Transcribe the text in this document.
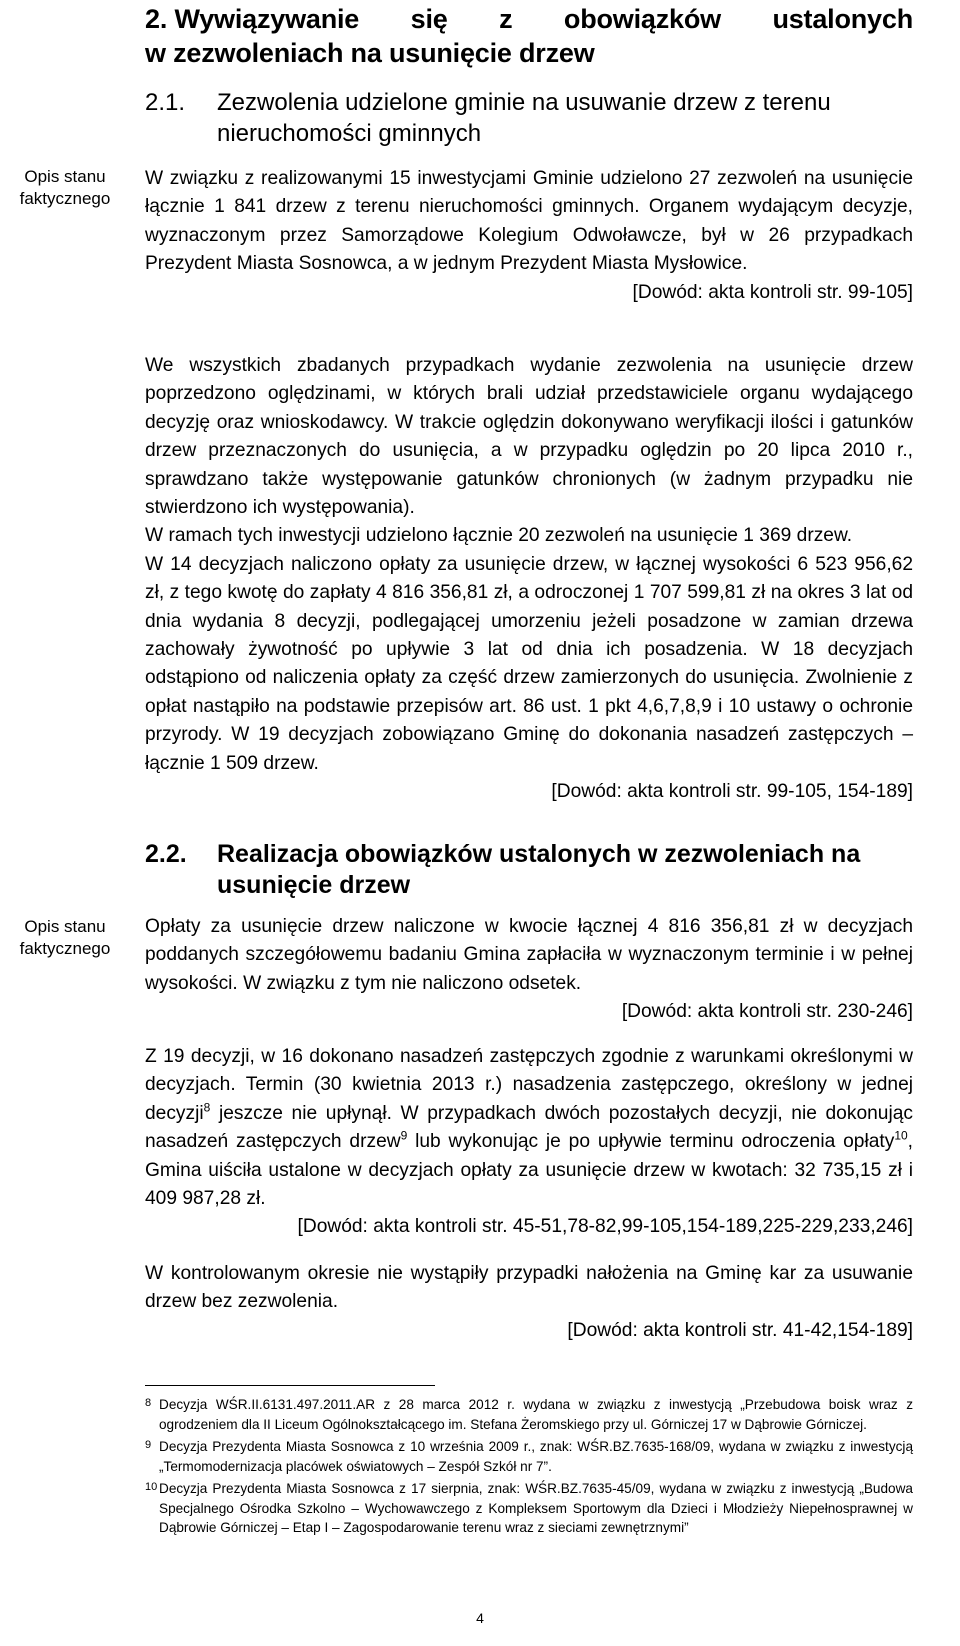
Opis stanu faktycznego
Opis stanu faktycznego
2. Wywiązywanie się z obowiązków ustalonych
w zezwoleniach na usunięcie drzew
2.1.	Zezwolenia udzielone gminie na usuwanie drzew z terenu nieruchomości gminnych

W związku z realizowanymi 15 inwestycjami Gminie udzielono 27 zezwoleń na usunięcie łącznie 1 841 drzew z terenu nieruchomości gminnych. Organem wydającym decyzje, wyznaczonym przez Samorządowe Kolegium Odwoławcze, był w 26 przypadkach Prezydent Miasta Sosnowca, a w jednym Prezydent Miasta Mysłowice.

[Dowód: akta kontroli str. 99-105]

We wszystkich zbadanych przypadkach wydanie zezwolenia na usunięcie drzew poprzedzono oględzinami, w których brali udział przedstawiciele organu wydającego decyzję oraz wnioskodawcy. W trakcie oględzin dokonywano weryfikacji ilości i gatunków drzew przeznaczonych do usunięcia, a w przypadku oględzin po 20 lipca 2010 r., sprawdzano także występowanie gatunków chronionych (w żadnym przypadku nie stwierdzono ich występowania).

W ramach tych inwestycji udzielono łącznie 20 zezwoleń na usunięcie 1 369 drzew.

W 14 decyzjach naliczono opłaty za usunięcie drzew, w łącznej wysokości 6 523 956,62 zł, z tego kwotę do zapłaty 4 816 356,81 zł, a odroczonej 1 707 599,81 zł na okres 3 lat od dnia wydania 8 decyzji, podlegającej umorzeniu jeżeli posadzone w zamian drzewa zachowały żywotność po upływie 3 lat od dnia ich posadzenia. W 18 decyzjach odstąpiono od naliczenia opłaty za część drzew zamierzonych do usunięcia. Zwolnienie z opłat nastąpiło na podstawie przepisów art. 86 ust. 1 pkt 4,6,7,8,9 i 10 ustawy o ochronie przyrody. W 19 decyzjach zobowiązano Gminę do dokonania nasadzeń zastępczych – łącznie 1 509 drzew.

[Dowód: akta kontroli str. 99-105, 154-189]
2.2.	Realizacja obowiązków ustalonych w zezwoleniach na usunięcie drzew

Opłaty za usunięcie drzew naliczone w kwocie łącznej 4 816 356,81 zł w decyzjach poddanych szczegółowemu badaniu Gmina zapłaciła w wyznaczonym terminie i w pełnej wysokości. W związku z tym nie naliczono odsetek.

[Dowód: akta kontroli str. 230-246]

Z 19 decyzji, w 16 dokonano nasadzeń zastępczych zgodnie z warunkami określonymi w decyzjach. Termin (30 kwietnia 2013 r.) nasadzenia zastępczego, określony w jednej decyzji$^8$ jeszcze nie upłynął. W przypadkach dwóch pozostałych decyzji, nie dokonując nasadzeń zastępczych drzew$^9$ lub wykonując je po upływie terminu odroczenia opłaty$^{10}$, Gmina uiściła ustalone w decyzjach opłaty za usunięcie drzew w kwotach: 32 735,15 zł i 409 987,28 zł.

[Dowód: akta kontroli str. 45-51,78-82,99-105,154-189,225-229,233,246]

W kontrolowanym okresie nie wystąpiły przypadki nałożenia na Gminę kar za usuwanie drzew bez zezwolenia.

[Dowód: akta kontroli str. 41-42,154-189]
8 Decyzja WŚR.II.6131.497.2011.AR z 28 marca 2012 r. wydana w związku z inwestycją „Przebudowa boisk wraz z ogrodzeniem dla II Liceum Ogólnokształcącego im. Stefana Żeromskiego przy ul. Górniczej 17 w Dąbrowie Górniczej.
9 Decyzja Prezydenta Miasta Sosnowca z 10 września 2009 r., znak: WŚR.BZ.7635-168/09, wydana w związku z inwestycją „Termomodernizacja placówek oświatowych – Zespół Szkół nr 7”.
10 Decyzja Prezydenta Miasta Sosnowca z 17 sierpnia, znak: WŚR.BZ.7635-45/09, wydana w związku z inwestycją „Budowa Specjalnego Ośrodka Szkolno – Wychowawczego z Kompleksem Sportowym dla Dzieci i Młodzieży Niepełnosprawnej w Dąbrowie Górniczej – Etap I – Zagospodarowanie terenu wraz z sieciami zewnętrznymi”
4
